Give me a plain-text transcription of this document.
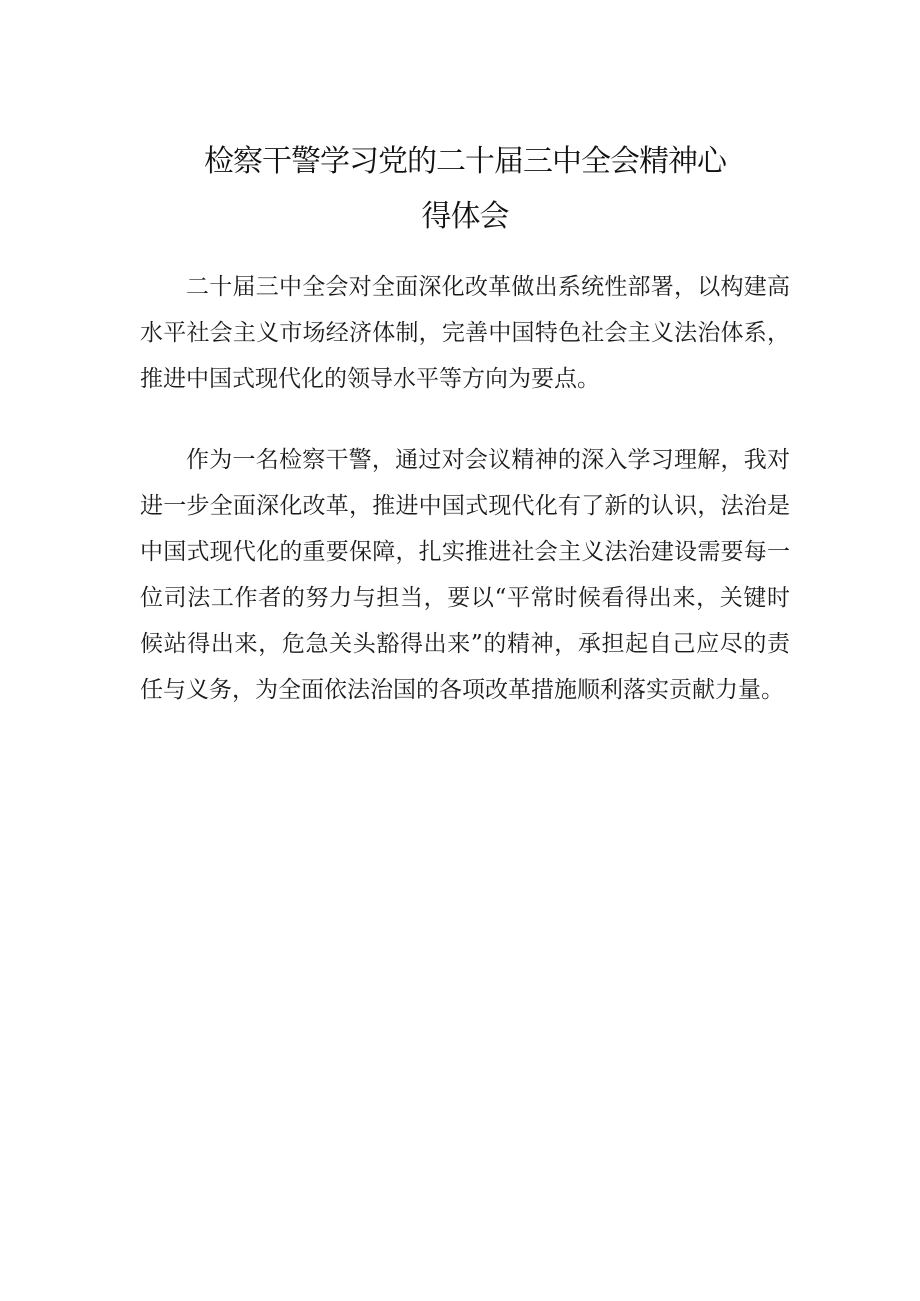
检察干警学习党的二十届三中全会精神心
得体会

二十届三中全会对全面深化改革做出系统性部署，以构建高水平社会主义市场经济体制，完善中国特色社会主义法治体系，推进中国式现代化的领导水平等方向为要点。

作为一名检察干警，通过对会议精神的深入学习理解，我对进一步全面深化改革，推进中国式现代化有了新的认识，法治是中国式现代化的重要保障，扎实推进社会主义法治建设需要每一位司法工作者的努力与担当，要以“平常时候看得出来，关键时候站得出来，危急关头豁得出来”的精神，承担起自己应尽的责任与义务，为全面依法治国的各项改革措施顺利落实贡献力量。
